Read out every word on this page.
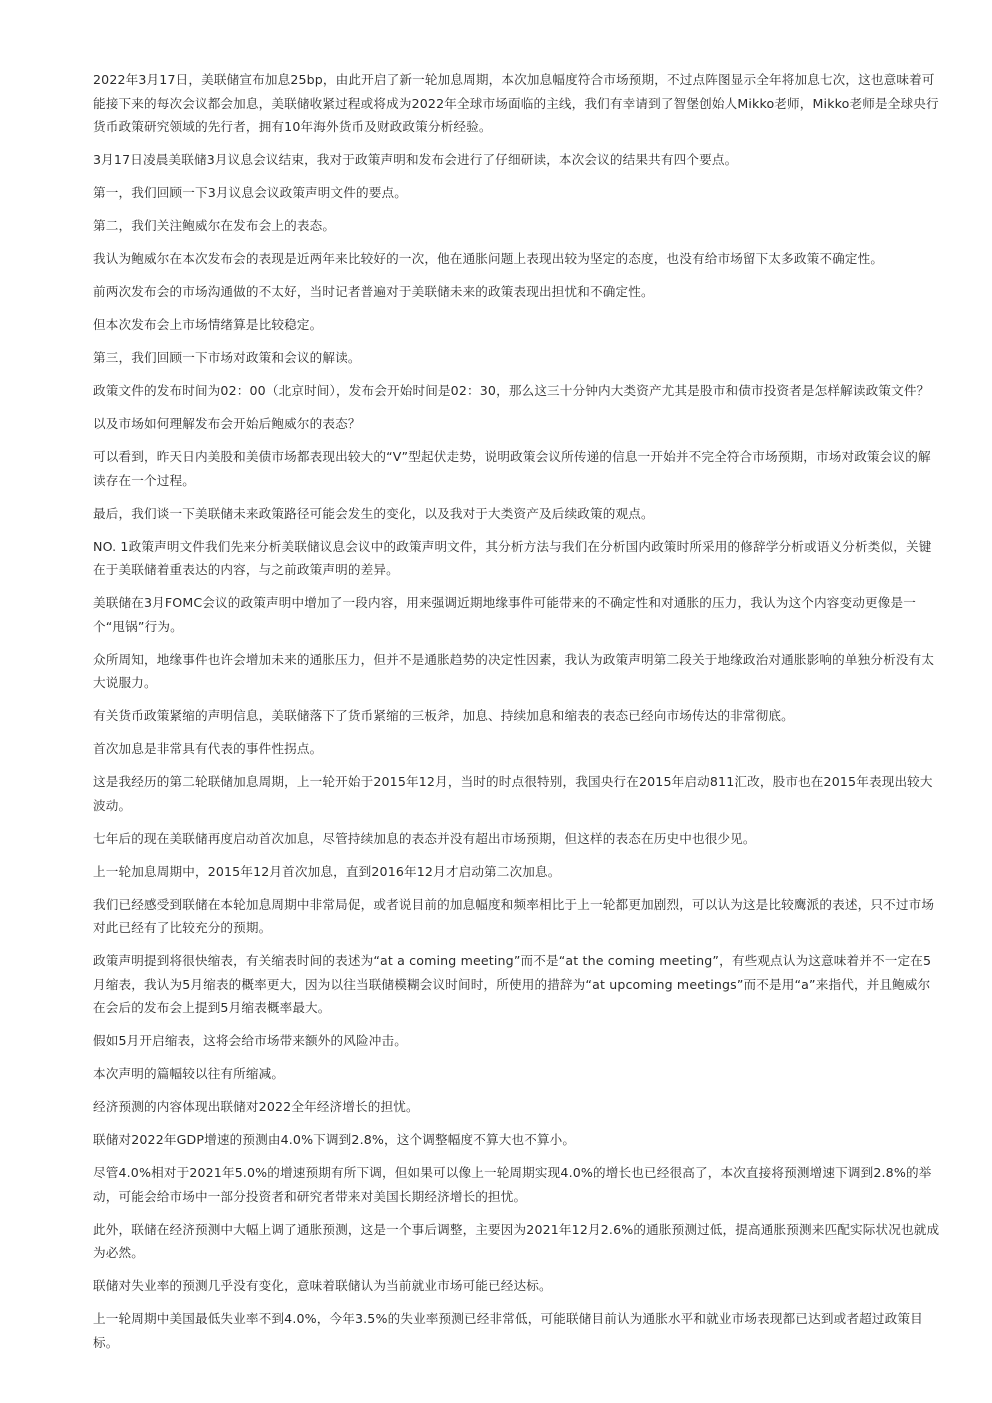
2022年3月17日，美联储宣布加息25bp，由此开启了新一轮加息周期，本次加息幅度符合市场预期，不过点阵图显示全年将加息七次，这也意味着可能接下来的每次会议都会加息，美联储收紧过程或将成为2022年全球市场面临的主线，我们有幸请到了智堡创始人Mikko老师，Mikko老师是全球央行货币政策研究领域的先行者，拥有10年海外货币及财政政策分析经验。

3月17日凌晨美联储3月议息会议结束，我对于政策声明和发布会进行了仔细研读，本次会议的结果共有四个要点。

第一，我们回顾一下3月议息会议政策声明文件的要点。

第二，我们关注鲍威尔在发布会上的表态。

我认为鲍威尔在本次发布会的表现是近两年来比较好的一次，他在通胀问题上表现出较为坚定的态度，也没有给市场留下太多政策不确定性。

前两次发布会的市场沟通做的不太好，当时记者普遍对于美联储未来的政策表现出担忧和不确定性。

但本次发布会上市场情绪算是比较稳定。

第三，我们回顾一下市场对政策和会议的解读。

政策文件的发布时间为02：00（北京时间），发布会开始时间是02：30，那么这三十分钟内大类资产尤其是股市和债市投资者是怎样解读政策文件？

以及市场如何理解发布会开始后鲍威尔的表态？

可以看到，昨天日内美股和美债市场都表现出较大的“V”型起伏走势，说明政策会议所传递的信息一开始并不完全符合市场预期，市场对政策会议的解读存在一个过程。

最后，我们谈一下美联储未来政策路径可能会发生的变化，以及我对于大类资产及后续政策的观点。

NO. 1政策声明文件我们先来分析美联储议息会议中的政策声明文件，其分析方法与我们在分析国内政策时所采用的修辞学分析或语义分析类似，关键在于美联储着重表达的内容，与之前政策声明的差异。

美联储在3月FOMC会议的政策声明中增加了一段内容，用来强调近期地缘事件可能带来的不确定性和对通胀的压力，我认为这个内容变动更像是一个“甩锅”行为。

众所周知，地缘事件也许会增加未来的通胀压力，但并不是通胀趋势的决定性因素，我认为政策声明第二段关于地缘政治对通胀影响的单独分析没有太大说服力。

有关货币政策紧缩的声明信息，美联储落下了货币紧缩的三板斧，加息、持续加息和缩表的表态已经向市场传达的非常彻底。

首次加息是非常具有代表的事件性拐点。

这是我经历的第二轮联储加息周期，上一轮开始于2015年12月，当时的时点很特别，我国央行在2015年启动811汇改，股市也在2015年表现出较大波动。

七年后的现在美联储再度启动首次加息，尽管持续加息的表态并没有超出市场预期，但这样的表态在历史中也很少见。

上一轮加息周期中，2015年12月首次加息，直到2016年12月才启动第二次加息。

我们已经感受到联储在本轮加息周期中非常局促，或者说目前的加息幅度和频率相比于上一轮都更加剧烈，可以认为这是比较鹰派的表述，只不过市场对此已经有了比较充分的预期。

政策声明提到将很快缩表，有关缩表时间的表述为“at a coming meeting”而不是“at the coming meeting”，有些观点认为这意味着并不一定在5月缩表，我认为5月缩表的概率更大，因为以往当联储模糊会议时间时，所使用的措辞为“at upcoming meetings”而不是用“a”来指代，并且鲍威尔在会后的发布会上提到5月缩表概率最大。

假如5月开启缩表，这将会给市场带来额外的风险冲击。

本次声明的篇幅较以往有所缩减。

经济预测的内容体现出联储对2022全年经济增长的担忧。

联储对2022年GDP增速的预测由4.0%下调到2.8%，这个调整幅度不算大也不算小。

尽管4.0%相对于2021年5.0%的增速预期有所下调，但如果可以像上一轮周期实现4.0%的增长也已经很高了，本次直接将预测增速下调到2.8%的举动，可能会给市场中一部分投资者和研究者带来对美国长期经济增长的担忧。

此外，联储在经济预测中大幅上调了通胀预测，这是一个事后调整，主要因为2021年12月2.6%的通胀预测过低，提高通胀预测来匹配实际状况也就成为必然。

联储对失业率的预测几乎没有变化，意味着联储认为当前就业市场可能已经达标。

上一轮周期中美国最低失业率不到4.0%，今年3.5%的失业率预测已经非常低，可能联储目前认为通胀水平和就业市场表现都已达到或者超过政策目标。
